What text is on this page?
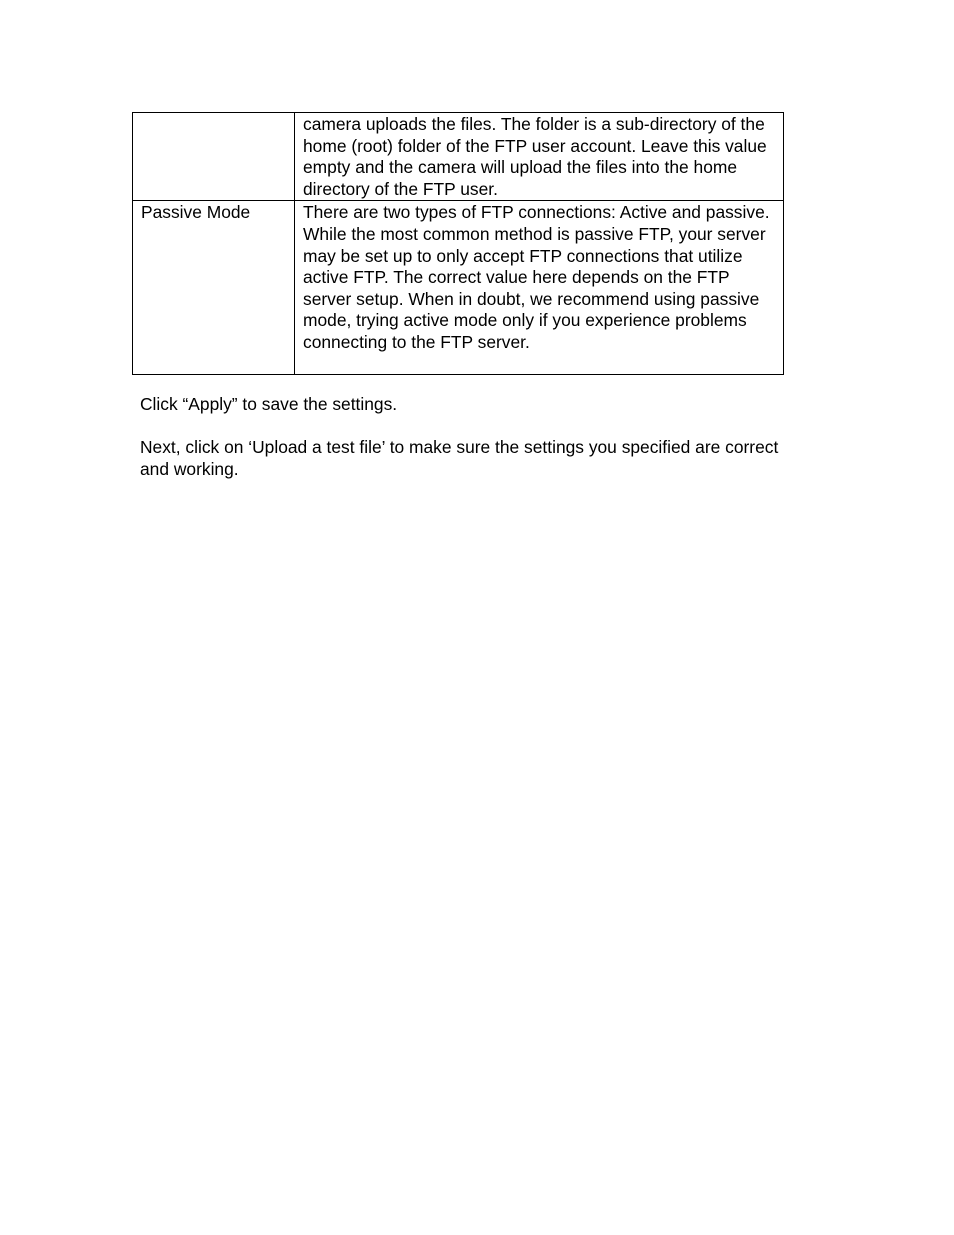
	camera uploads the files. The folder is a sub-directory of the home (root) folder of the FTP user account. Leave this value empty and the camera will upload the files into the home directory of the FTP user.
Passive Mode	There are two types of FTP connections: Active and passive. While the most common method is passive FTP, your server may be set up to only accept FTP connections that utilize active FTP. The correct value here depends on the FTP server setup. When in doubt, we recommend using passive mode, trying active mode only if you experience problems connecting to the FTP server.

Click “Apply” to save the settings.

Next, click on ‘Upload a test file’ to make sure the settings you specified are correct and working.
